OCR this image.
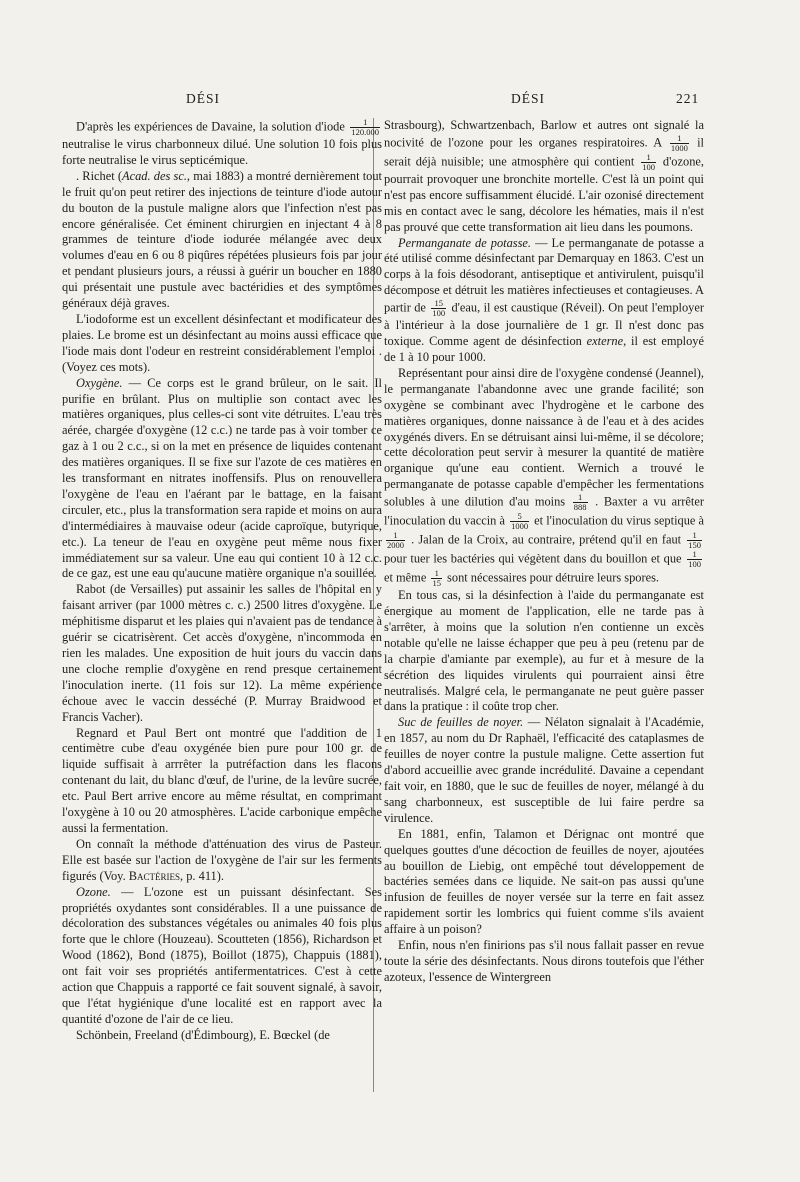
DÉSI	DÉSI	221

D'après les expériences de Davaine, la solution d'iode $\frac{1}{120.000}$
neutralise le virus charbonneux dilué. Une solution 10 fois plus forte neutralise le virus septicémique.

. Richet (Acad. des sc., mai 1883) a montré dernièrement tout le fruit qu'on peut retirer des injections de teinture d'iode autour du bouton de la pustule maligne alors que l'infection n'est pas encore généralisée. Cet éminent chirurgien en injectant 4 à 8 grammes de teinture d'iode iodurée mélangée avec deux volumes d'eau en 6 ou 8 piqûres répétées plusieurs fois par jour et pendant plusieurs jours, a réussi à guérir un boucher en 1880 qui présentait une pustule avec bactéridies et des symptômes généraux déjà graves.

L'iodoforme est un excellent désinfectant et modificateur des plaies. Le brome est un désinfectant au moins aussi efficace que l'iode mais dont l'odeur en restreint considérablement l'emploi .(Voyez ces mots).

Oxygène. — Ce corps est le grand brûleur, on le sait. Il purifie en brûlant. Plus on multiplie son contact avec les matières organiques, plus celles-ci sont vite détruites. L'eau très aérée, chargée d'oxygène (12 c.c.) ne tarde pas à voir tomber ce gaz à 1 ou 2 c.c., si on la met en présence de liquides contenant des matières organiques. Il se fixe sur l'azote de ces matières en les transformant en nitrates inoffensifs. Plus on renouvellera l'oxygène de l'eau en l'aérant par le battage, en la faisant circuler, etc., plus la transformation sera rapide et moins on aura d'intermédiaires à mauvaise odeur (acide caproïque, butyrique, etc.). La teneur de l'eau en oxygène peut même nous fixer immédiatement sur sa valeur. Une eau qui contient 10 à 12 c.c. de ce gaz, est une eau qu'aucune matière organique n'a souillée.

Rabot (de Versailles) put assainir les salles de l'hôpital en y faisant arriver (par 1000 mètres c. c.) 2500 litres d'oxygène. Le méphitisme disparut et les plaies qui n'avaient pas de tendance à guérir se cicatrisèrent. Cet accès d'oxygène, n'incommoda en rien les malades. Une exposition de huit jours du vaccin dans une cloche remplie d'oxygène en rend presque certainement l'inoculation inerte. (11 fois sur 12). La même expérience échoue avec le vaccin desséché (P. Murray Braidwood et Francis Vacher).

Regnard et Paul Bert ont montré que l'addition de 1 centimètre cube d'eau oxygénée bien pure pour 100 gr. de liquide suffisait à arrrêter la putréfaction dans les flacons contenant du lait, du blanc d'œuf, de l'urine, de la levûre sucrée, etc. Paul Bert arrive encore au même résultat, en comprimant l'oxygène à 10 ou 20 atmosphères. L'acide carbonique empêche aussi la fermentation.

On connaît la méthode d'atténuation des virus de Pasteur. Elle est basée sur l'action de l'oxygène de l'air sur les ferments figurés (Voy. Bactéries, p. 411).

Ozone. — L'ozone est un puissant désinfectant. Ses propriétés oxydantes sont considérables. Il a une puissance de décoloration des substances végétales ou animales 40 fois plus forte que le chlore (Houzeau). Scoutteten (1856), Richardson et Wood (1862), Bond (1875), Boillot (1875), Chappuis (1881), ont fait voir ses propriétés antifermentatrices. C'est à cette action que Chappuis a rapporté ce fait souvent signalé, à savoir, que l'état hygiénique d'une localité est en rapport avec la quantité d'ozone de l'air de ce lieu.

Schönbein, Freeland (d'Édimbourg), E. Bœckel (de

Strasbourg), Schwartzenbach, Barlow et autres ont signalé la nocivité de l'ozone pour les organes respiratoires. A $\frac{1}{1000}$ il serait déjà nuisible; une atmosphère qui contient $\frac{1}{100}$ d'ozone, pourrait provoquer une bronchite mortelle. C'est là un point qui n'est pas encore suffisamment élucidé. L'air ozonisé directement mis en contact avec le sang, décolore les hématies, mais il n'est pas prouvé que cette transformation ait lieu dans les poumons.

Permanganate de potasse. — Le permanganate de potasse a été utilisé comme désinfectant par Demarquay en 1863. C'est un corps à la fois désodorant, antiseptique et antivirulent, puisqu'il décompose et détruit les matières infectieuses et contagieuses. A partir de $\frac{15}{100} d'eau$, il est caustique (Réveil). On peut l'employer à l'intérieur à la dose journalière de 1 gr. Il n'est donc pas toxique. Comme agent de désinfection externe, il est employé de 1 à 10 pour 1000.

Représentant pour ainsi dire de l'oxygène condensé (Jeannel), le permanganate l'abandonne avec une grande facilité; son oxygène se combinant avec l'hydrogène et le carbone des matières organiques, donne naissance à de l'eau et à des acides oxygénés divers. En se détruisant ainsi lui-même, il se décolore; cette décoloration peut servir à mesurer la quantité de matière organique qu'une eau contient. Wernich a trouvé le permanganate de potasse capable d'empêcher les fermentations solubles à une dilution d'au moins $\frac{1}{888}$ . Baxter a vu arrêter l'inoculation du vaccin à $\frac{5}{1000}$ et l'inoculation du virus septique à
$\frac{1}{2000}$ . Jalan de la Croix, au contraire, prétend qu'il en faut $\frac{1}{150}$
pour tuer les bactéries qui végètent dans du bouillon et que $\frac{1}{100}$
et même $\frac{1}{15}$ sont nécessaires pour détruire leurs spores.

En tous cas, si la désinfection à l'aide du permanganate est énergique au moment de l'application, elle ne tarde pas à s'arrêter, à moins que la solution n'en contienne un excès notable qu'elle ne laisse échapper que peu à peu (retenu par de la charpie d'amiante par exemple), au fur et à mesure de la sécrétion des liquides virulents qui pourraient ainsi être neutralisés. Malgré cela, le permanganate ne peut guère passer dans la pratique : il coûte trop cher.

Suc de feuilles de noyer. — Nélaton signalait à l'Académie, en 1857, au nom du Dr Raphaël, l'efficacité des cataplasmes de feuilles de noyer contre la pustule maligne. Cette assertion fut d'abord accueillie avec grande incrédulité. Davaine a cependant fait voir, en 1880, que le suc de feuilles de noyer, mélangé à du sang charbonneux, est susceptible de lui faire perdre sa virulence.

En 1881, enfin, Talamon et Dérignac ont montré que quelques gouttes d'une décoction de feuilles de noyer, ajoutées au bouillon de Liebig, ont empêché tout développement de bactéries semées dans ce liquide. Ne sait-on pas aussi qu'une infusion de feuilles de noyer versée sur la terre en fait assez rapidement sortir les lombrics qui fuient comme s'ils avaient affaire à un poison?

Enfin, nous n'en finirions pas s'il nous fallait passer en revue toute la série des désinfectants. Nous dirons toutefois que l'éther azoteux, l'essence de Wintergreen
